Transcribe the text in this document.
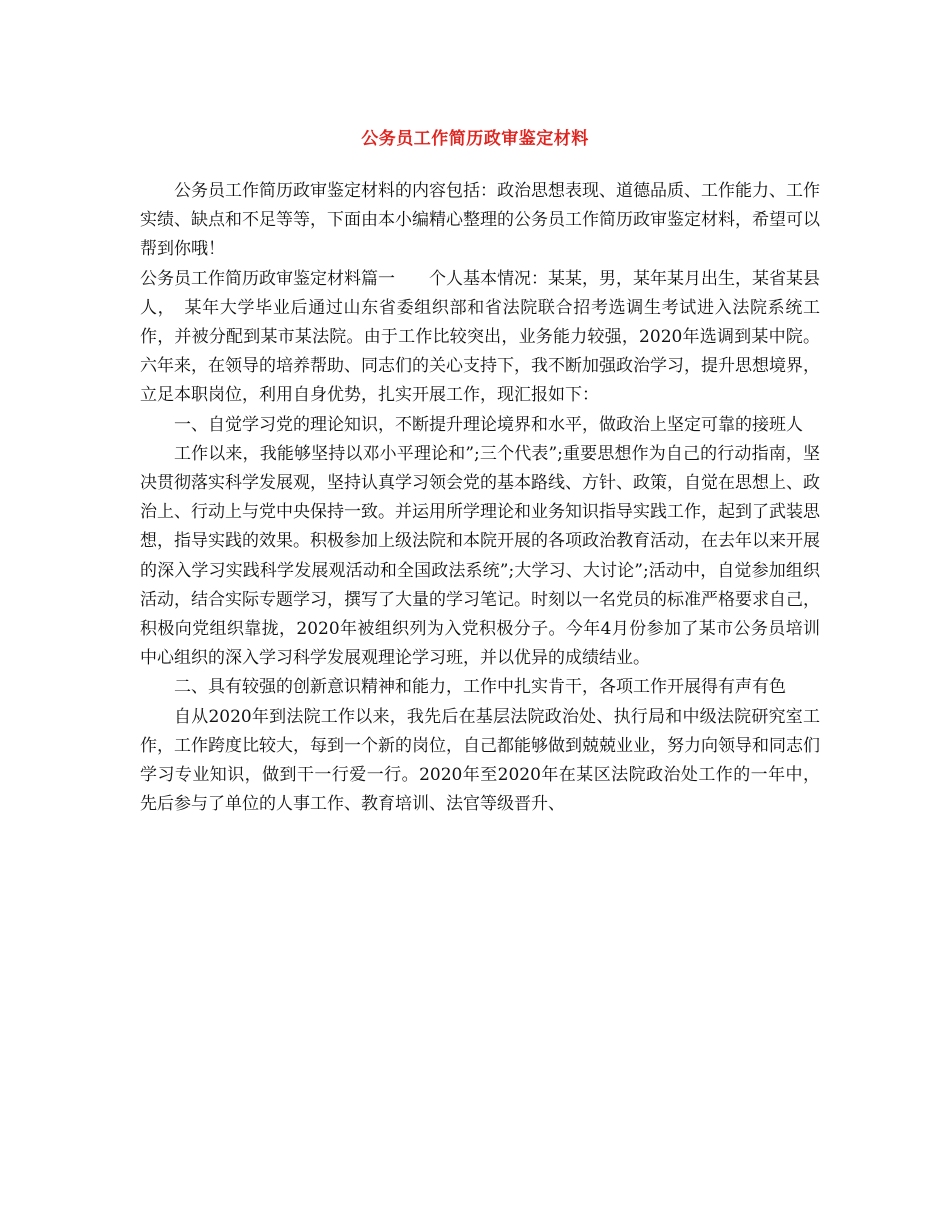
公务员工作简历政审鉴定材料

公务员工作简历政审鉴定材料的内容包括：政治思想表现、道德品质、工作能力、工作实绩、缺点和不足等等，下面由本小编精心整理的公务员工作简历政审鉴定材料，希望可以帮到你哦！

公务员工作简历政审鉴定材料篇一　　个人基本情况：某某，男，某年某月出生，某省某县人，　某年大学毕业后通过山东省委组织部和省法院联合招考选调生考试进入法院系统工作，并被分配到某市某法院。由于工作比较突出，业务能力较强，2020年选调到某中院。六年来，在领导的培养帮助、同志们的关心支持下，我不断加强政治学习，提升思想境界，立足本职岗位，利用自身优势，扎实开展工作，现汇报如下：

一、自觉学习党的理论知识，不断提升理论境界和水平，做政治上坚定可靠的接班人

工作以来，我能够坚持以邓小平理论和”;三个代表”;重要思想作为自己的行动指南，坚决贯彻落实科学发展观，坚持认真学习领会党的基本路线、方针、政策，自觉在思想上、政治上、行动上与党中央保持一致。并运用所学理论和业务知识指导实践工作，起到了武装思想，指导实践的效果。积极参加上级法院和本院开展的各项政治教育活动，在去年以来开展的深入学习实践科学发展观活动和全国政法系统”;大学习、大讨论”;活动中，自觉参加组织活动，结合实际专题学习，撰写了大量的学习笔记。时刻以一名党员的标准严格要求自己，积极向党组织靠拢，2020年被组织列为入党积极分子。今年4月份参加了某市公务员培训中心组织的深入学习科学发展观理论学习班，并以优异的成绩结业。

二、具有较强的创新意识精神和能力，工作中扎实肯干，各项工作开展得有声有色

自从2020年到法院工作以来，我先后在基层法院政治处、执行局和中级法院研究室工作，工作跨度比较大，每到一个新的岗位，自己都能够做到兢兢业业，努力向领导和同志们学习专业知识，做到干一行爱一行。2020年至2020年在某区法院政治处工作的一年中，先后参与了单位的人事工作、教育培训、法官等级晋升、
